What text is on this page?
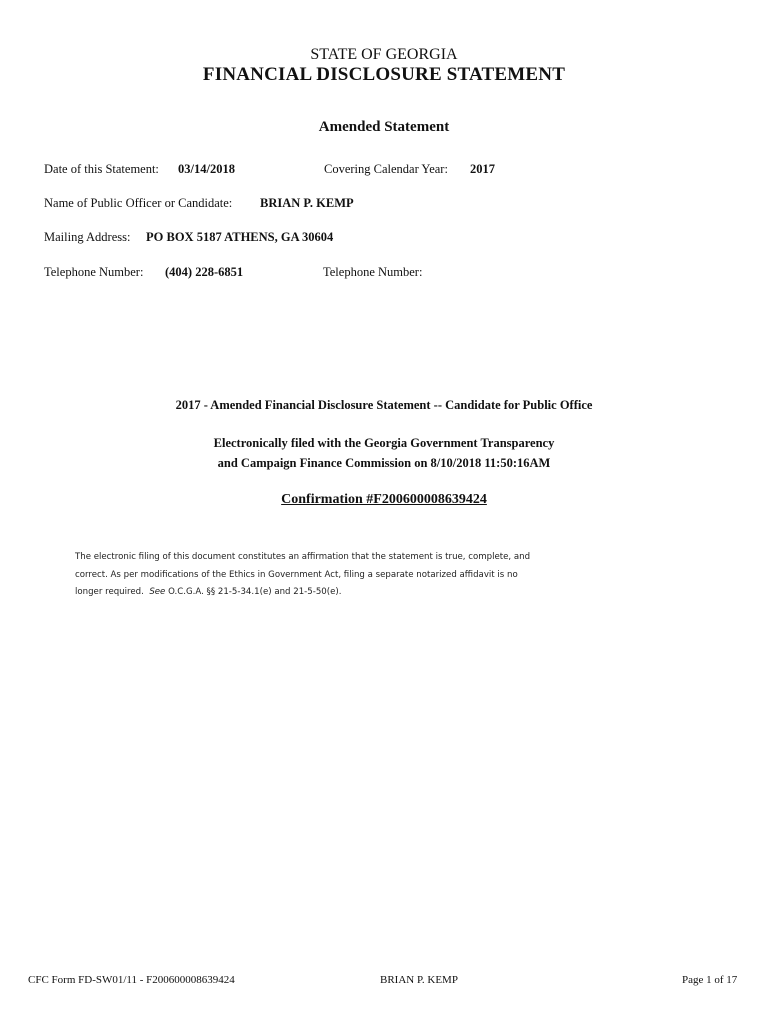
STATE OF GEORGIA
FINANCIAL DISCLOSURE STATEMENT
Amended Statement
Date of this Statement: 03/14/2018	Covering Calendar Year: 2017
Name of Public Officer or Candidate: BRIAN P. KEMP
Mailing Address: PO BOX 5187 ATHENS, GA 30604
Telephone Number: (404) 228-6851	Telephone Number:
2017 - Amended Financial Disclosure Statement -- Candidate for Public Office
Electronically filed with the Georgia Government Transparency
and Campaign Finance Commission on 8/10/2018 11:50:16AM
Confirmation #F200600008639424

The electronic filing of this document constitutes an affirmation that the statement is true, complete, and

correct. As per modifications of the Ethics in Government Act, filing a separate notarized affidavit is no

longer required.  See O.C.G.A. §§ 21-5-34.1(e) and 21-5-50(e).

CFC Form FD-SW01/11 - F200600008639424	BRIAN P. KEMP	Page 1 of 17
